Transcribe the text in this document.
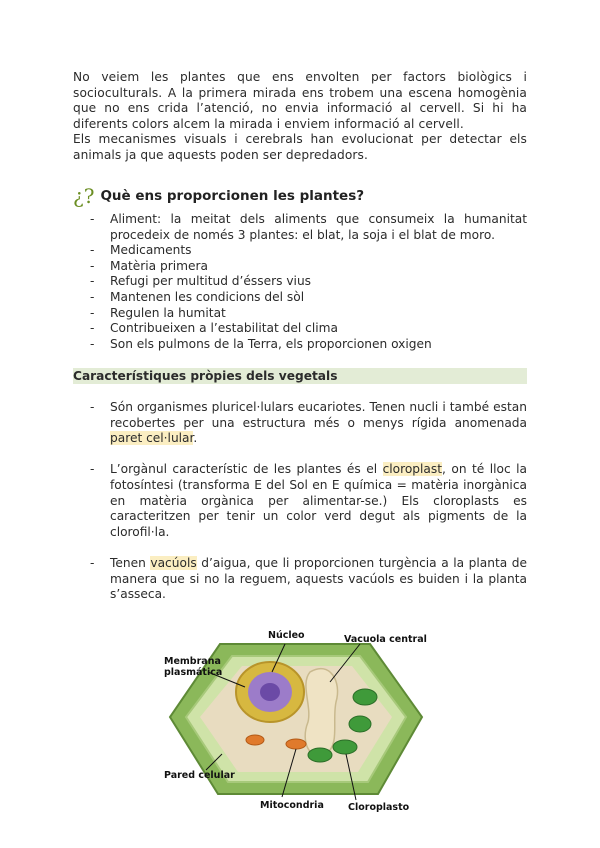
No veiem les plantes que ens envolten per factors biològics i socioculturals. A la primera mirada ens trobem una escena homogènia que no ens crida l’atenció, no envia informació al cervell. Si hi ha diferents colors alcem la mirada i enviem informació al cervell.

Els mecanismes visuals i cerebrals han evolucionat per detectar els animals ja que aquests poden ser depredadors.

¿? Què ens proporcionen les plantes?
- Aliment: la meitat dels aliments que consumeix la humanitat procedeix de només 3 plantes: el blat, la soja i el blat de moro.
- Medicaments
- Matèria primera
- Refugi per multitud d’éssers vius
- Mantenen les condicions del sòl
- Regulen la humitat
- Contribueixen a l’estabilitat del clima
- Son els pulmons de la Terra, els proporcionen oxigen
Característiques pròpies dels vegetals
- Són organismes pluricel·lulars eucariotes. Tenen nucli i també estan recobertes per una estructura més o menys rígida anomenada paret cel·lular.
- L’orgànul característic de les plantes és el cloroplast, on té lloc la fotosíntesi (transforma E del Sol en E química = matèria inorgànica en matèria orgànica per alimentar-se.) Els cloroplasts es caracteritzen per tenir un color verd degut als pigments de la clorofil·la.
- Tenen vacúols d’aigua, que li proporcionen turgència a la planta de manera que si no la reguem, aquests vacúols es buiden i la planta s’asseca.
Núcleo	Vacuola central
Membrana
plasmática
Pared celular
Mitocondria	Cloroplasto
